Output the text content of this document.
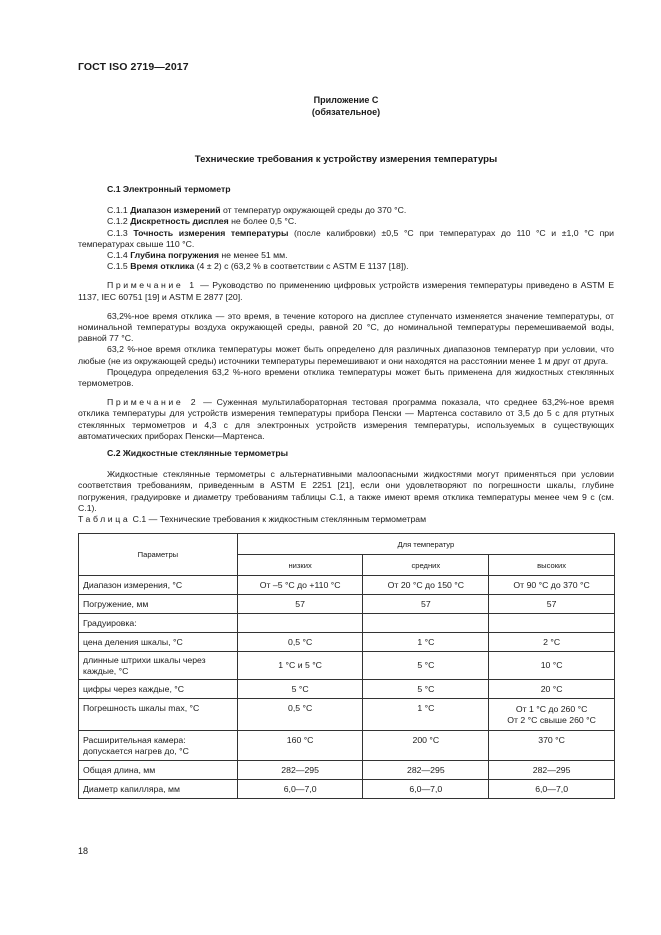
ГОСТ ISO 2719—2017
Приложение С
(обязательное)
Технические требования к устройству измерения температуры

С.1 Электронный термометр

С.1.1 Диапазон измерений от температур окружающей среды до 370 °С.

С.1.2 Дискретность дисплея не более 0,5 °С.

С.1.3 Точность измерения температуры (после калибровки) ±0,5 °С при температурах до 110 °С и ±1,0 °С при температурах свыше 110 °С.

С.1.4 Глубина погружения не менее 51 мм.

С.1.5 Время отклика (4 ± 2) с (63,2 % в соответствии с ASTM E 1137 [18]).

Примечание 1 — Руководство по применению цифровых устройств измерения температуры приведено в ASTM E 1137, IEC 60751 [19] и ASTM E 2877 [20].

63,2%-ное время отклика — это время, в течение которого на дисплее ступенчато изменяется значение температуры, от номинальной температуры воздуха окружающей среды, равной 20 °С, до номинальной температуры перемешиваемой воды, равной 77 °С.

63,2 %-ное время отклика температуры может быть определено для различных диапазонов температур при условии, что любые (не из окружающей среды) источники температуры перемешивают и они находятся на расстоянии менее 1 м друг от друга.

Процедура определения 63,2 %-ного времени отклика температуры может быть применена для жидкостных стеклянных термометров.

Примечание 2 — Суженная мультилабораторная тестовая программа показала, что среднее 63,2%-ное время отклика температуры для устройств измерения температуры прибора Пенски — Мартенса составило от 3,5 до 5 с для ртутных стеклянных термометров и 4,3 с для электронных устройств измерения температуры, используемых в существующих автоматических приборах Пенски—Мартенса.

С.2 Жидкостные стеклянные термометры

Жидкостные стеклянные термометры с альтернативными малоопасными жидкостями могут применяться при условии соответствия требованиям, приведенным в ASTM E 2251 [21], если они удовлетворяют по погрешности шкалы, глубине погружения, градуировке и диаметру требованиям таблицы С.1, а также имеют время отклика температуры менее чем 9 с (см. С.1).

Таблица С.1 — Технические требования к жидкостным стеклянным термометрам

Параметры	Для температур		
	низких	средних	высоких
Диапазон измерения, °С	От –5 °С до +110 °С	От 20 °С до 150 °С	От 90 °С до 370 °С
Погружение, мм	57	57	57
Градуировка:			
цена деления шкалы, °С	0,5 °С	1 °С	2 °С
длинные штрихи шкалы через каждые, °С	1 °С и 5 °С	5 °С	10 °С
цифры через каждые, °С	5 °С	5 °С	20 °С
Погрешность шкалы max, °С	0,5 °С	1 °С	От 1 °С до 260 °С
От 2 °С свыше 260 °С

Расширительная камера: допускается нагрев до, °С	160 °С	200 °С	370 °С
Общая длина, мм	282—295	282—295	282—295
Диаметр капилляра, мм	6,0—7,0	6,0—7,0	6,0—7,0
18
